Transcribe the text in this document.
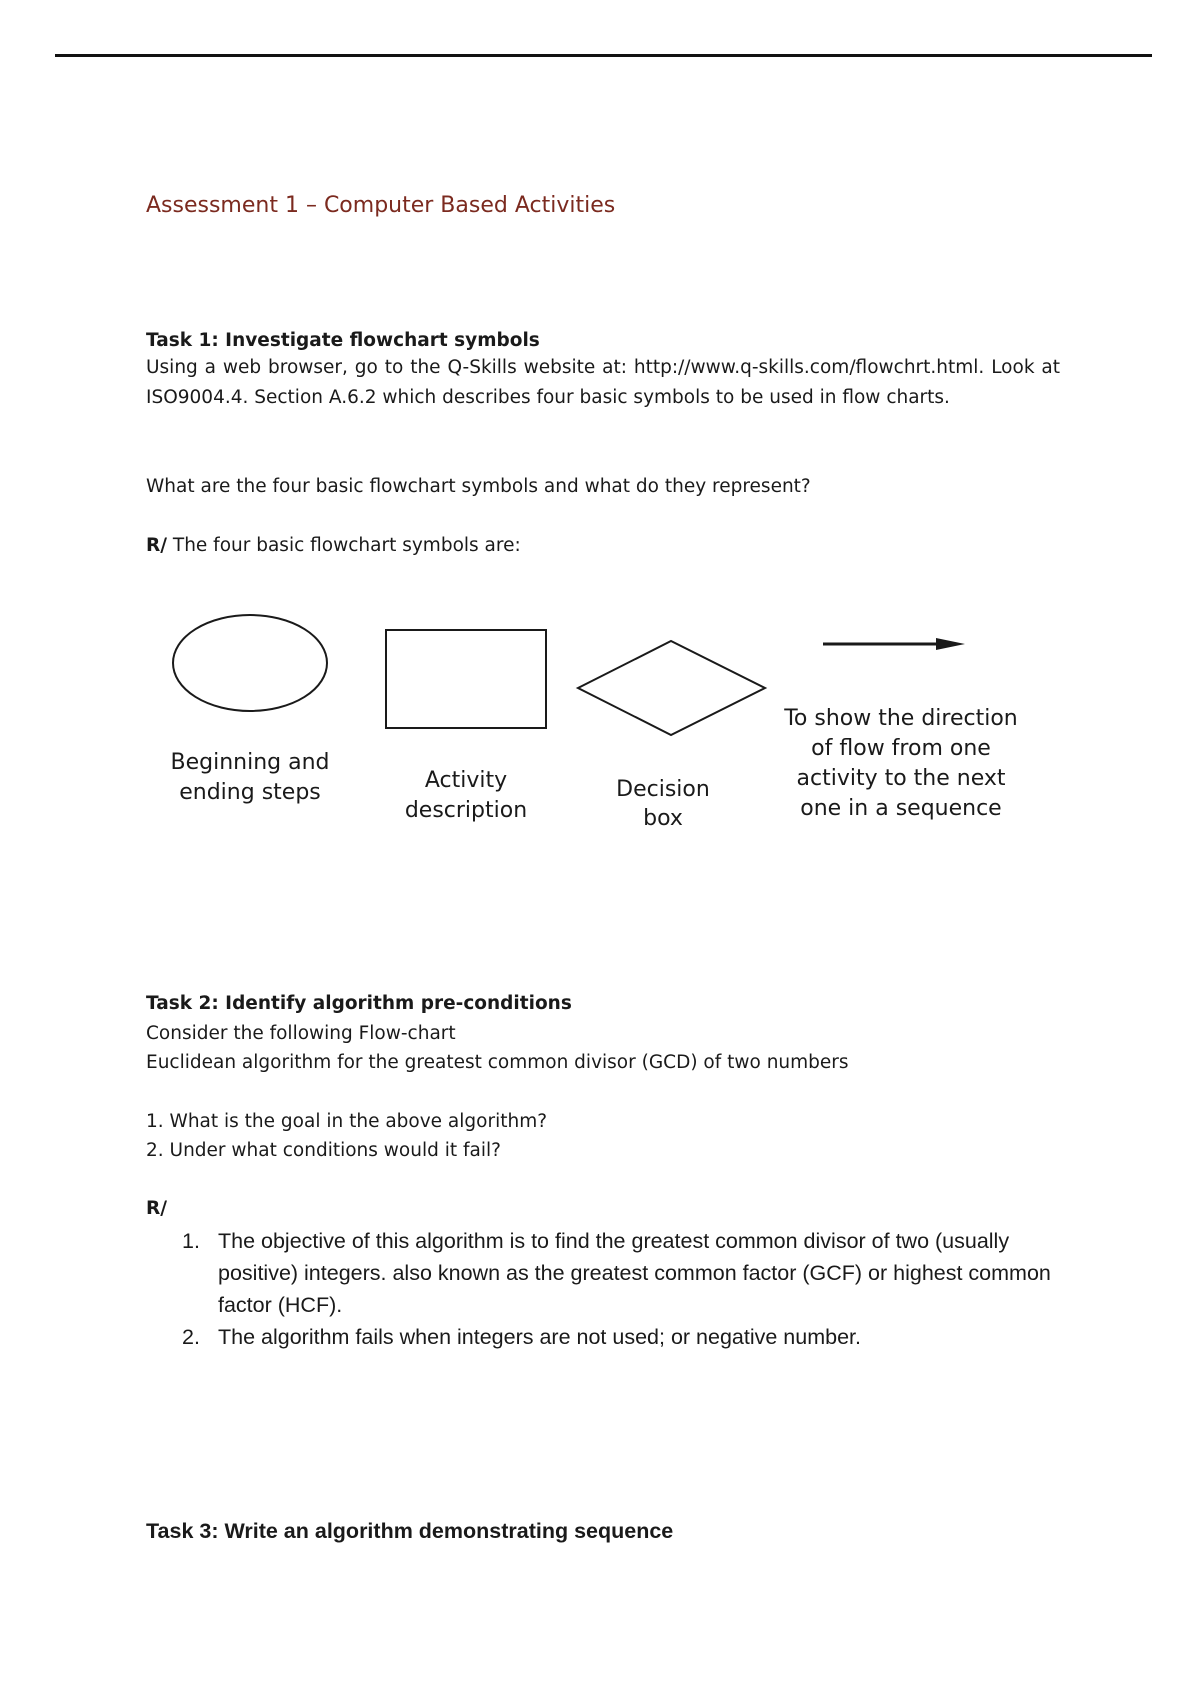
Assessment 1 – Computer Based Activities
Task 1: Investigate flowchart symbols
Using a web browser, go to the Q-Skills website at: http://www.q-skills.com/flowchrt.html. Look at ISO9004.4. Section A.6.2 which describes four basic symbols to be used in flow charts.
What are the four basic flowchart symbols and what do they represent?
R/ The four basic flowchart symbols are:
Beginning and
ending steps	Activity
description
Decision
box
To show the direction
of flow from one
activity to the next
one in a sequence
Task 2: Identify algorithm pre-conditions
Consider the following Flow-chart
Euclidean algorithm for the greatest common divisor (GCD) of two numbers
1. What is the goal in the above algorithm?
2. Under what conditions would it fail?
R/
1. The objective of this algorithm is to find the greatest common divisor of two (usually positive) integers. also known as the greatest common factor (GCF) or highest common factor (HCF).
2. The algorithm fails when integers are not used; or negative number.
Task 3: Write an algorithm demonstrating sequence
